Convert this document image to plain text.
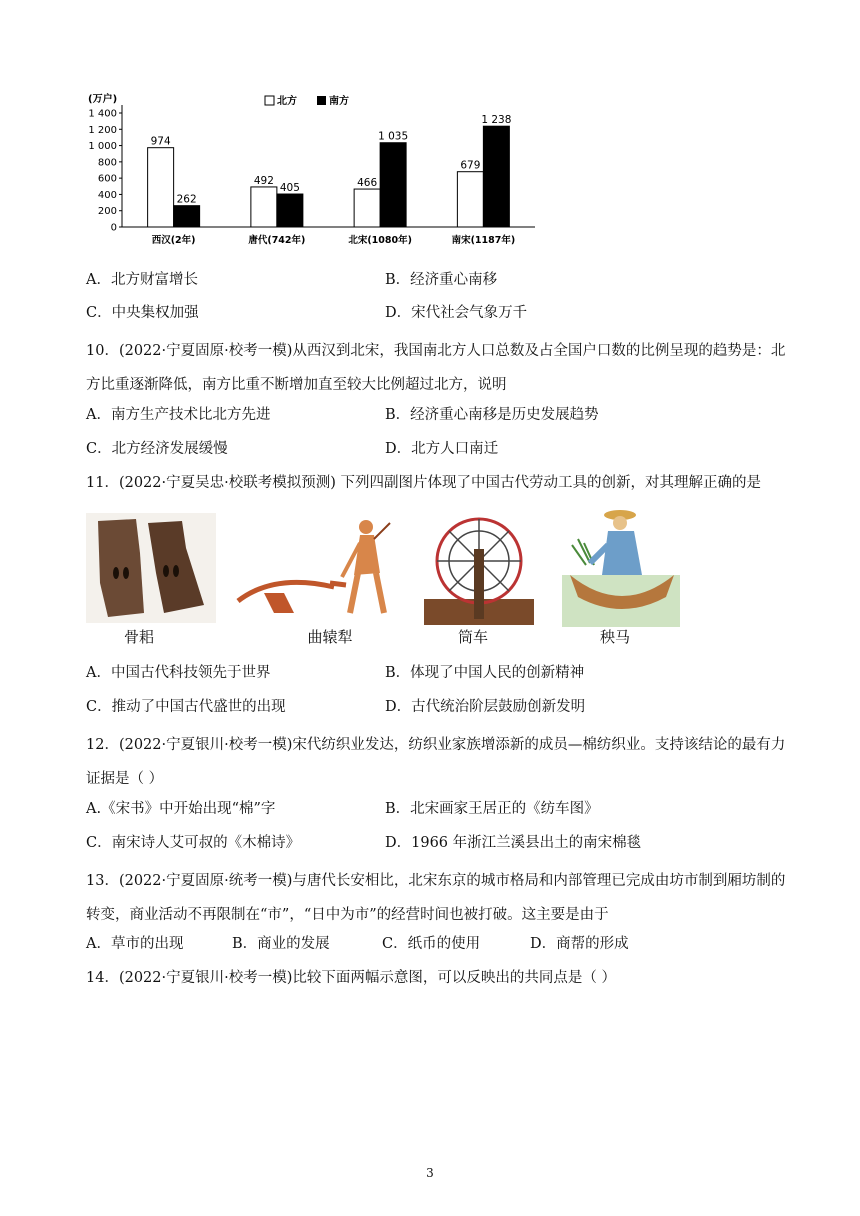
(万户)
0
200
400
600
800
1 000
1 200
1 400
北方	南方
974
262
西汉(2年)
492
405
唐代(742年)
466
1 035
北宋(1080年)
679
1 238
南宋(1187年)
A．北方财富增长	B．经济重心南移
C．中央集权加强	D．宋代社会气象万千
10．(2022·宁夏固原·校考一模)从西汉到北宋，我国南北方人口总数及占全国户口数的比例呈现的趋势是：北方比重逐渐降低，南方比重不断增加直至较大比例超过北方，说明
A．南方生产技术比北方先进	B．经济重心南移是历史发展趋势
C．北方经济发展缓慢	D．北方人口南迁
11．(2022·宁夏吴忠·校联考模拟预测) 下列四副图片体现了中国古代劳动工具的创新，对其理解正确的是
骨耜	曲辕犁	筒车	秧马
A．中国古代科技领先于世界	B．体现了中国人民的创新精神
C．推动了中国古代盛世的出现	D．古代统治阶层鼓励创新发明
12．(2022·宁夏银川·校考一模)宋代纺织业发达，纺织业家族增添新的成员—棉纺织业。支持该结论的最有力证据是（ ）
A.《宋书》中开始出现“棉”字	B．北宋画家王居正的《纺车图》
C．南宋诗人艾可叔的《木棉诗》	D．1966 年浙江兰溪县出土的南宋棉毯
13．(2022·宁夏固原·统考一模)与唐代长安相比，北宋东京的城市格局和内部管理已完成由坊市制到厢坊制的转变，商业活动不再限制在“市”，“日中为市”的经营时间也被打破。这主要是由于
A．草市的出现	B．商业的发展	C．纸币的使用	D．商帮的形成
14．(2022·宁夏银川·校考一模)比较下面两幅示意图，可以反映出的共同点是（ ）
3
